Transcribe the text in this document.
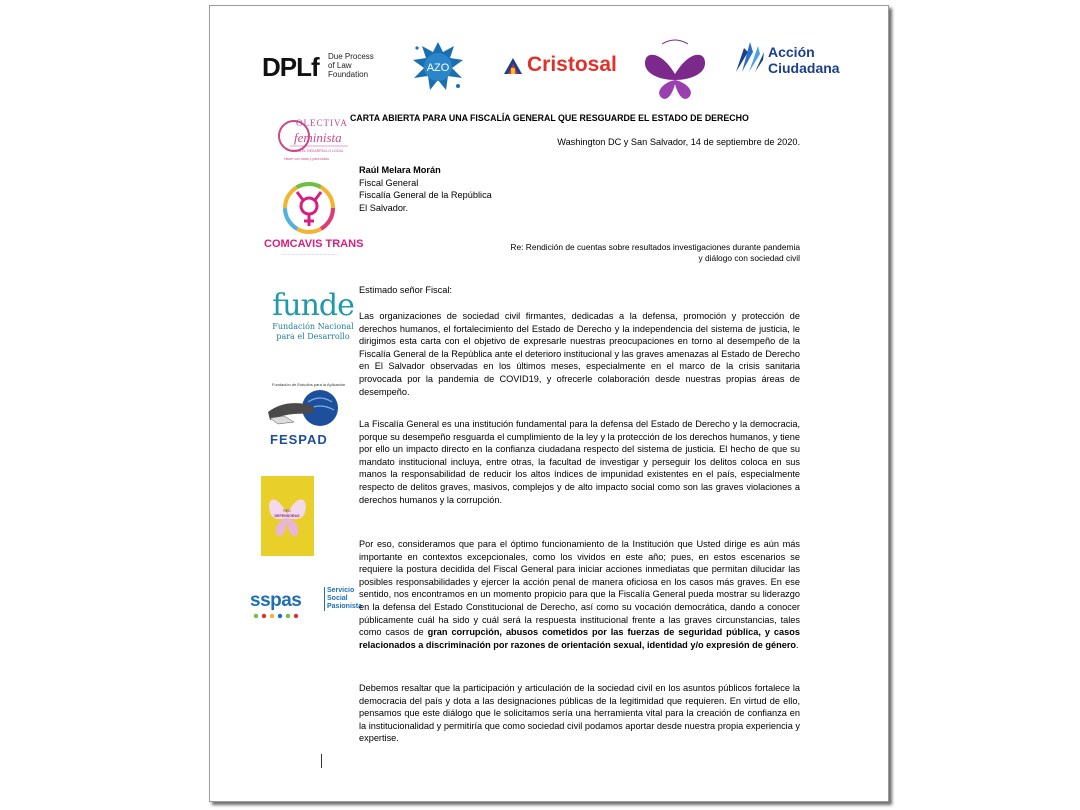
DPLf Due Process
of Law
Foundation
AZO	Cristosal
Acción
Ciudadana
OLECTIVA
feminista
PARA EL DESARROLLO LOCAL
Hacer con otras y para todas
COMCAVIS TRANS
··········································
funde
Fundación Nacional
para el Desarrollo
Fundación de Estudios para la Aplicación
FESPAD
RED
DEFENSORAS
sspas	Servicio
Social
Pasionista
CARTA ABIERTA PARA UNA FISCALÍA GENERAL QUE RESGUARDE EL ESTADO DE DERECHO
Washington DC y San Salvador, 14 de septiembre de 2020.
Raúl Melara Morán
Fiscal General
Fiscalía General de la República
El Salvador.
Re: Rendición de cuentas sobre resultados investigaciones durante pandemia
y diálogo con sociedad civil
Estimado señor Fiscal:
Las organizaciones de sociedad civil firmantes, dedicadas a la defensa, promoción y protección de derechos humanos, el fortalecimiento del Estado de Derecho y la independencia del sistema de justicia, le dirigimos esta carta con el objetivo de expresarle nuestras preocupaciones en torno al desempeño de la Fiscalía General de la República ante el deterioro institucional y las graves amenazas al Estado de Derecho en El Salvador observadas en los últimos meses, especialmente en el marco de la crisis sanitaria provocada por la pandemia de COVID19, y ofrecerle colaboración desde nuestras propias áreas de desempeño.
La Fiscalía General es una institución fundamental para la defensa del Estado de Derecho y la democracia, porque su desempeño resguarda el cumplimiento de la ley y la protección de los derechos humanos, y tiene por ello un impacto directo en la confianza ciudadana respecto del sistema de justicia. El hecho de que su mandato institucional incluya, entre otras, la facultad de investigar y perseguir los delitos coloca en sus manos la responsabilidad de reducir los altos índices de impunidad existentes en el país, especialmente respecto de delitos graves, masivos, complejos y de alto impacto social como son las graves violaciones a derechos humanos y la corrupción.
Por eso, consideramos que para el óptimo funcionamiento de la Institución que Usted dirige es aún más importante en contextos excepcionales, como los vividos en este año; pues, en estos escenarios se requiere la postura decidida del Fiscal General para iniciar acciones inmediatas que permitan dilucidar las posibles responsabilidades y ejercer la acción penal de manera oficiosa en los casos más graves. En ese sentido, nos encontramos en un momento propicio para que la Fiscalía General pueda mostrar su liderazgo en la defensa del Estado Constitucional de Derecho, así como su vocación democrática, dando a conocer públicamente cuál ha sido y cuál será la respuesta institucional frente a las graves circunstancias, tales como casos de gran corrupción, abusos cometidos por las fuerzas de seguridad pública, y casos relacionados a discriminación por razones de orientación sexual, identidad y/o expresión de género.
Debemos resaltar que la participación y articulación de la sociedad civil en los asuntos públicos fortalece la democracia del país y dota a las designaciones públicas de la legitimidad que requieren. En virtud de ello, pensamos que este diálogo que le solicitamos sería una herramienta vital para la creación de confianza en la institucionalidad y permitiría que como sociedad civil podamos aportar desde nuestra propia experiencia y expertise.
